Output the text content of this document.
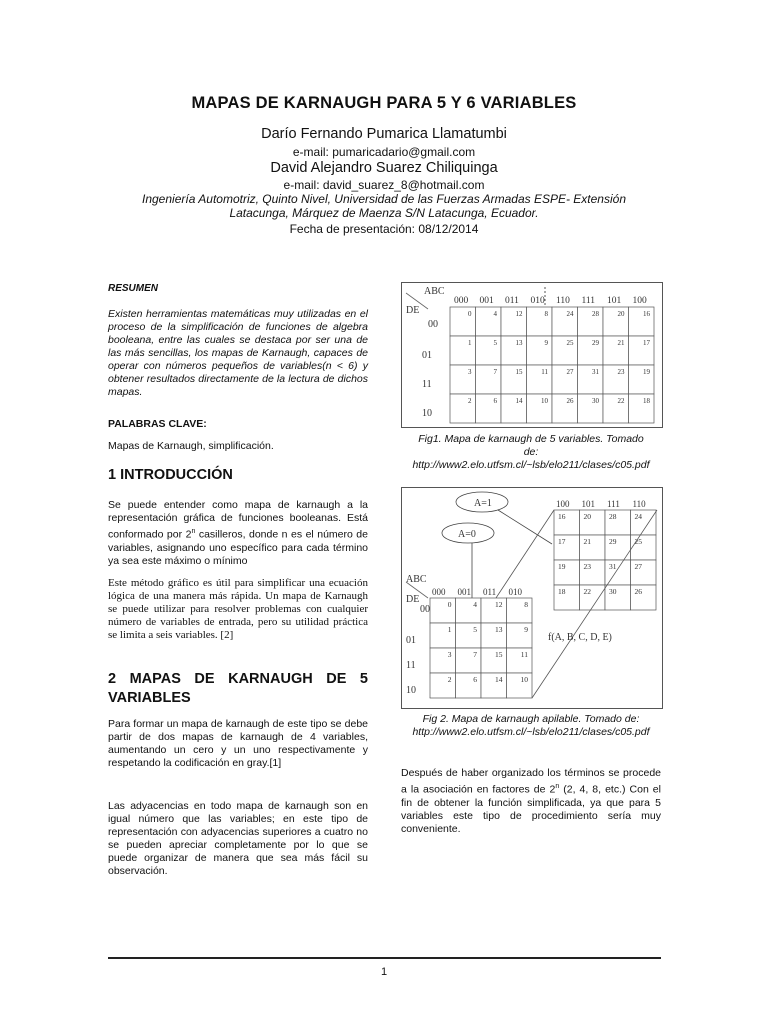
MAPAS DE KARNAUGH PARA 5 Y 6 VARIABLES
Darío Fernando Pumarica Llamatumbi
e-mail: pumaricadario@gmail.com
David Alejandro Suarez Chiliquinga
e-mail: david_suarez_8@hotmail.com
Ingeniería Automotriz, Quinto Nivel, Universidad de las Fuerzas Armadas ESPE- Extensión
Latacunga, Márquez de Maenza S/N Latacunga, Ecuador.
Fecha de presentación: 08/12/2014
RESUMEN
Existen herramientas matemáticas muy utilizadas en el proceso de la simplificación de funciones de algebra booleana, entre las cuales se destaca por ser una de las más sencillas, los mapas de Karnaugh, capaces de operar con números pequeños de variables(n < 6) y obtener resultados directamente de la lectura de dichos mapas.
PALABRAS CLAVE:
Mapas de Karnaugh, simplificación.
1 INTRODUCCIÓN
Se puede entender como mapa de karnaugh a la representación gráfica de funciones booleanas. Está conformado por 2$^n$ casilleros, donde n es el número de variables, asignando uno específico para cada término ya sea este máximo o mínimo
Este método gráfico es útil para simplificar una ecuación lógica de una manera más rápida. Un mapa de Karnaugh se puede utilizar para resolver problemas con cualquier número de variables de entrada, pero su utilidad práctica se limita a seis variables. [2]
2 MAPAS DE KARNAUGH DE 5 VARIABLES
Para formar un mapa de karnaugh de este tipo se debe partir de dos mapas de karnaugh de 4 variables, aumentando un cero y un uno respectivamente y respetando la codificación en gray.[1]
Las adyacencias en todo mapa de karnaugh son en igual número que las variables; en este tipo de representación con adyacencias superiores a cuatro no se pueden apreciar completamente por lo que se puede organizar de manera que sea más fácil su observación.
ABC
DE
000 001 011 010 110 111 101 100
00
01
11
10
0	4	12	8	24	28	20	16
1	5	13	9	25	29	21	17
3	7	15	11	27	31	23	19
2	6	14	10	26	30	22	18
Fig1. Mapa de karnaugh de 5 variables. Tomado
de:
http://www2.elo.utfsm.cl/~lsb/elo211/clases/c05.pdf
A=1
A=0
100 101 111 110
16 20 28 24
17 21 29 25
19 23 31 27
18 22 30 26
ABC
DE
000 001 011 010
00
01
11
10
0	4 12	8
1	5 13	9
3	7 15 11
2	6 14 10
f(A, B, C, D, E)
Fig 2. Mapa de karnaugh apilable. Tomado de:
http://www2.elo.utfsm.cl/~lsb/elo211/clases/c05.pdf
Después de haber organizado los términos se procede a la asociación en factores de 2$^n$ (2, 4, 8, etc.) Con el fin de obtener la función simplificada, ya que para 5 variables este tipo de procedimiento sería muy conveniente.
1
